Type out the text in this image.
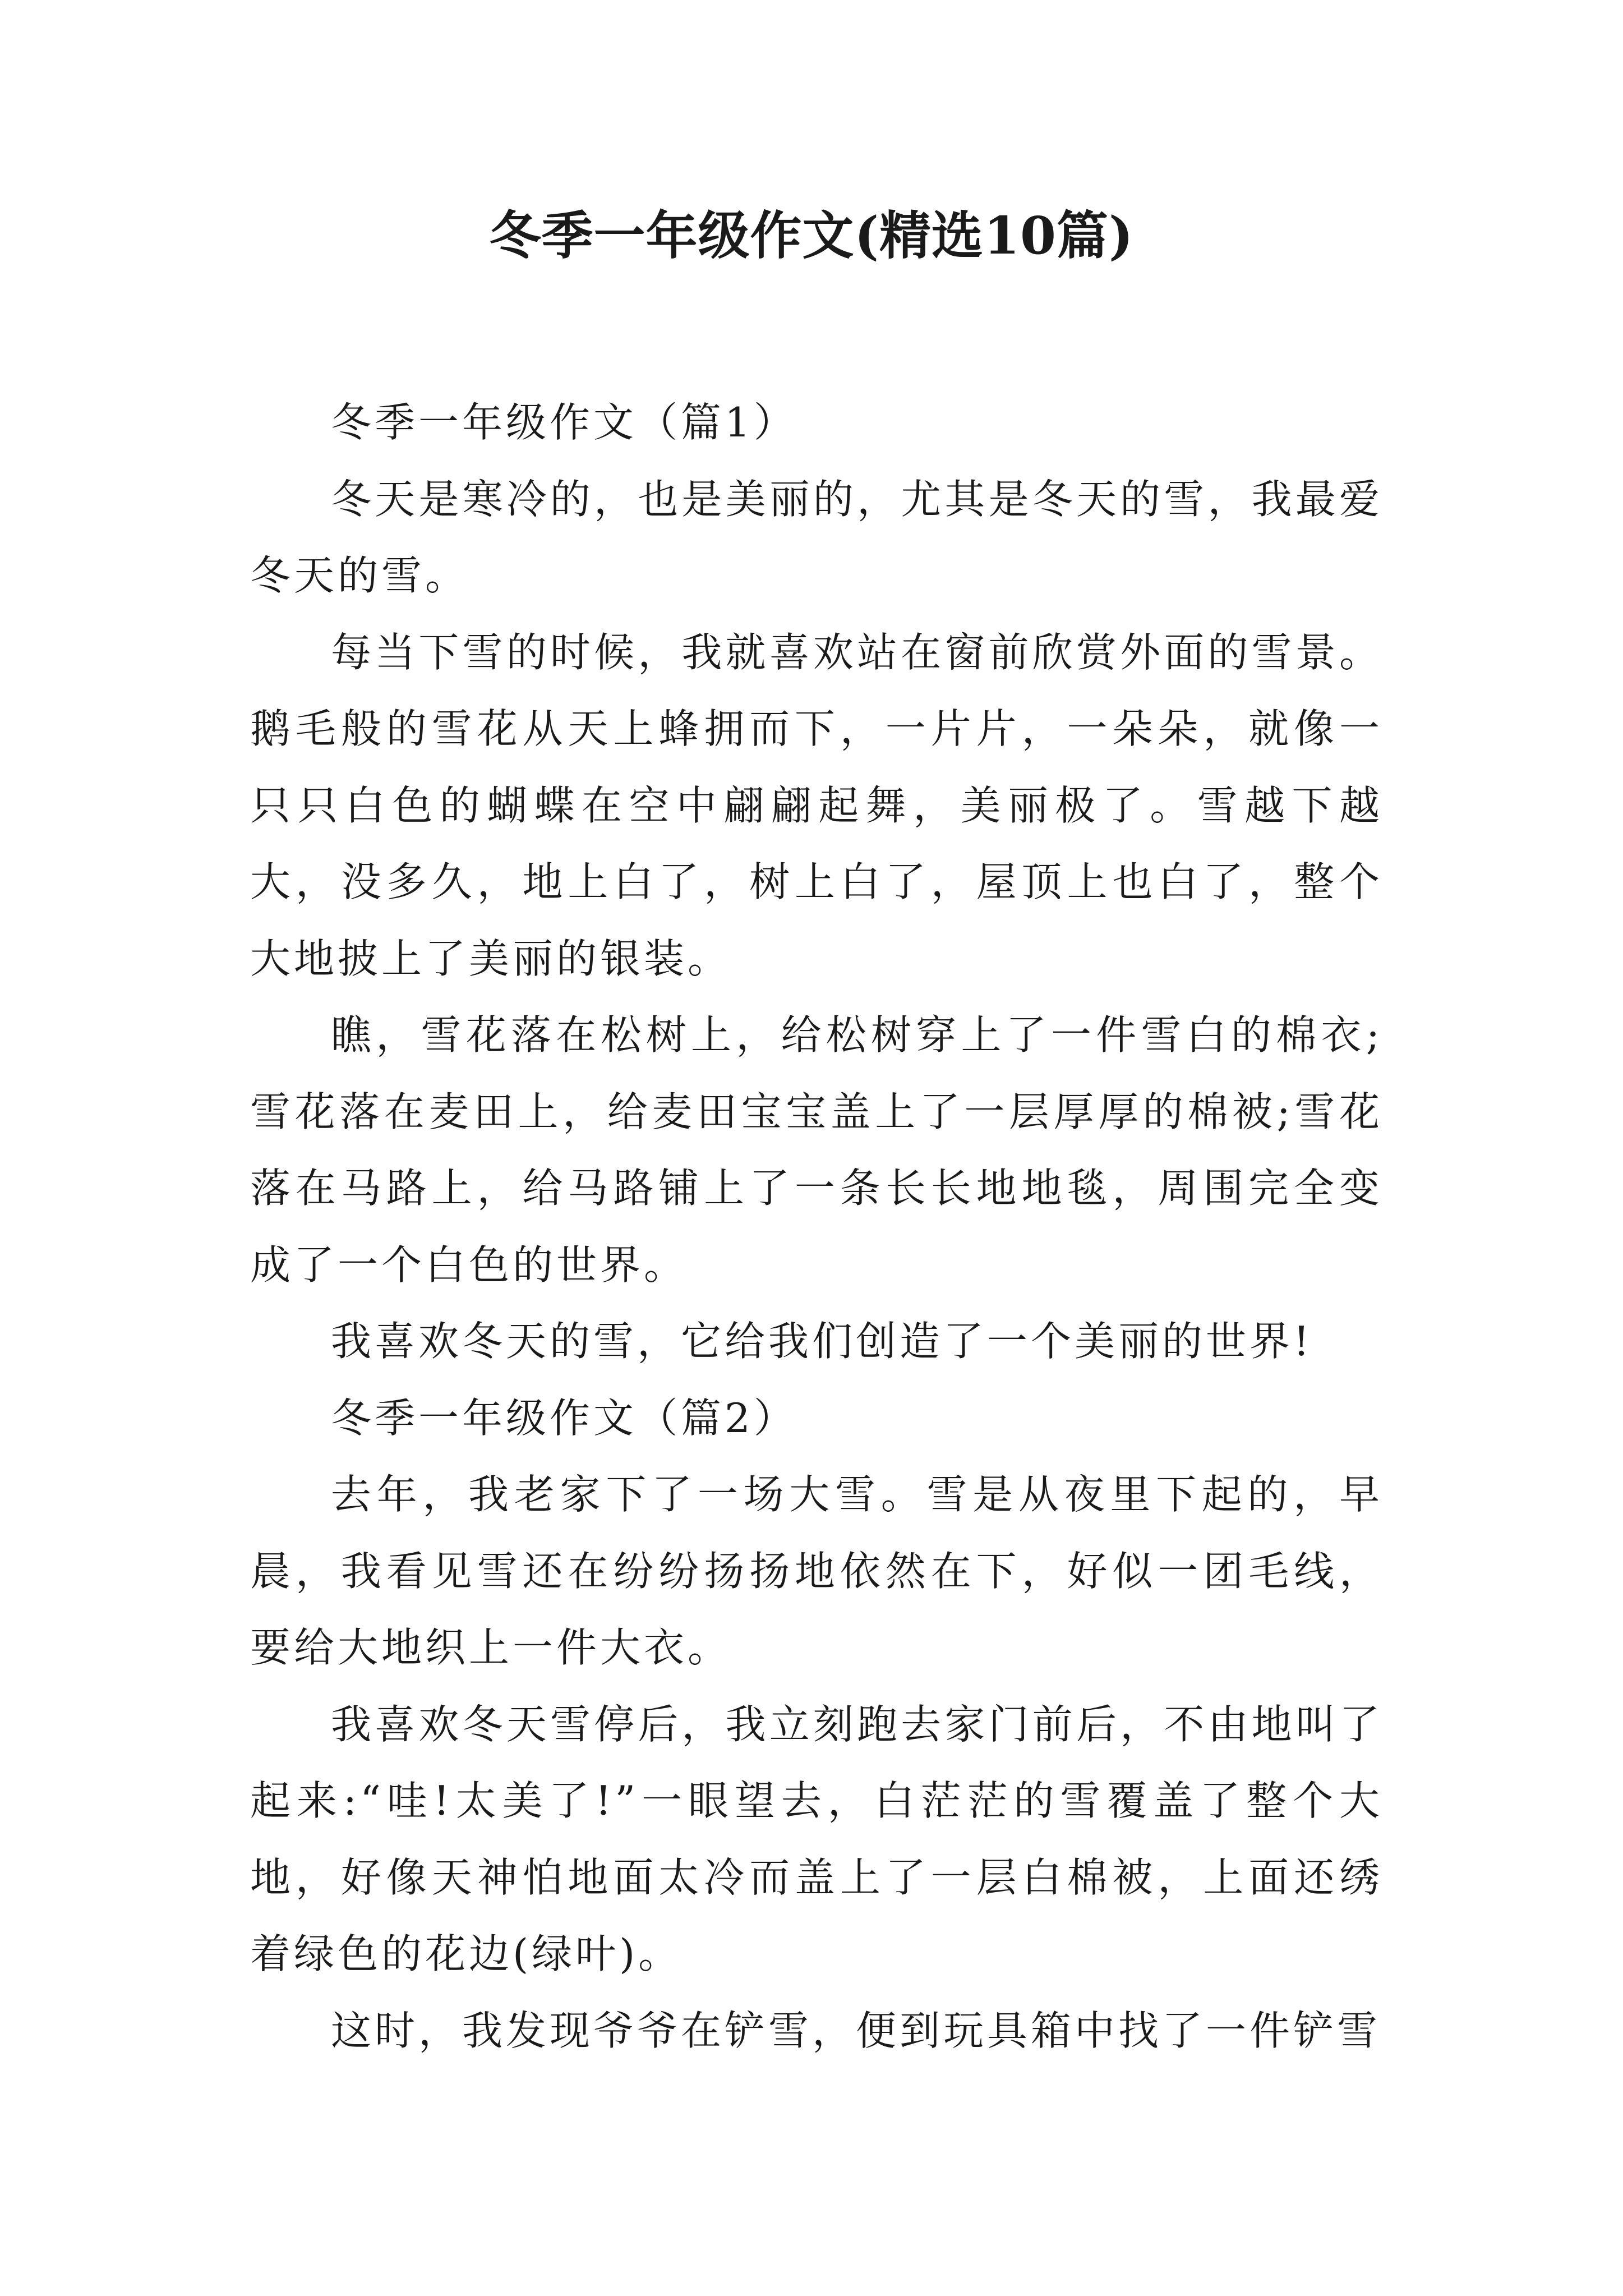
冬季一年级作文(精选10篇)

冬季一年级作文（篇1）

冬天是寒冷的，也是美丽的，尤其是冬天的雪，我最爱冬天的雪。

每当下雪的时候，我就喜欢站在窗前欣赏外面的雪景。鹅毛般的雪花从天上蜂拥而下，一片片，一朵朵，就像一只只白色的蝴蝶在空中翩翩起舞，美丽极了。雪越下越大，没多久，地上白了，树上白了，屋顶上也白了，整个大地披上了美丽的银装。

瞧，雪花落在松树上，给松树穿上了一件雪白的棉衣;雪花落在麦田上，给麦田宝宝盖上了一层厚厚的棉被;雪花落在马路上，给马路铺上了一条长长地地毯，周围完全变成了一个白色的世界。

我喜欢冬天的雪，它给我们创造了一个美丽的世界!

冬季一年级作文（篇2）

去年，我老家下了一场大雪。雪是从夜里下起的，早晨，我看见雪还在纷纷扬扬地依然在下，好似一团毛线，要给大地织上一件大衣。

我喜欢冬天雪停后，我立刻跑去家门前后，不由地叫了起来:“哇!太美了!”一眼望去，白茫茫的雪覆盖了整个大地，好像天神怕地面太冷而盖上了一层白棉被，上面还绣着绿色的花边(绿叶)。

这时，我发现爷爷在铲雪，便到玩具箱中找了一件铲雪
